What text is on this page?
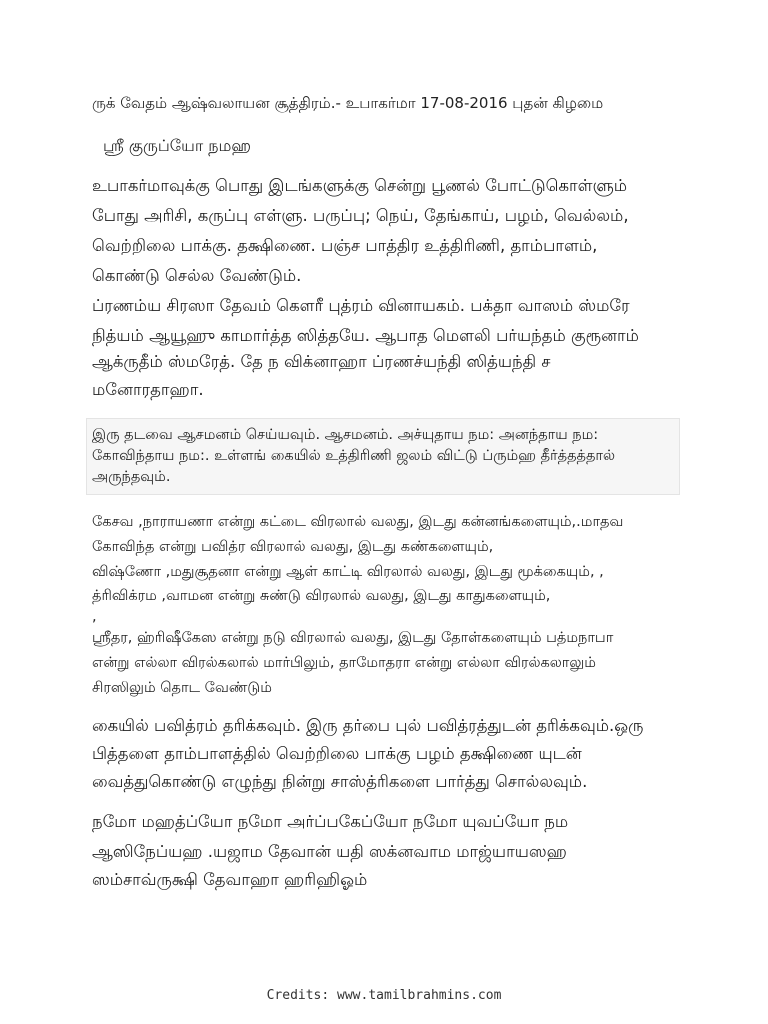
ருக் வேதம் ஆஷ்வலாயன சூத்திரம்.- உபாகர்மா 17-08-2016 புதன் கிழமை
ஸ்ரீ குருப்யோ நமஹ
உபாகர்மாவுக்கு பொது இடங்களுக்கு சென்று பூணல் போட்டுகொள்ளும்
போது அரிசி, கருப்பு எள்ளு. பருப்பு; நெய், தேங்காய், பழம், வெல்லம்,
வெற்றிலை பாக்கு. தக்ஷிணை. பஞ்ச பாத்திர உத்திரிணி, தாம்பாளம்,
கொண்டு செல்ல வேண்டும்.
ப்ரணம்ய சிரஸா தேவம் கெளரீ புத்ரம் வினாயகம். பக்தா வாஸம் ஸ்மரே
நித்யம் ஆயூஹு காமார்த்த ஸித்தயே. ஆபாத மெளலி பர்யந்தம் குரூனாம்
ஆக்ருதீம் ஸ்மரேத். தே ந விக்னாஹா ப்ரணச்யந்தி ஸித்யந்தி ச
மனோரதாஹா.
இரு தடவை ஆசமனம் செய்யவும். ஆசமனம். அச்யுதாய நம: அனந்தாய நம:
கோவிந்தாய நம:. உள்ளங் கையில் உத்திரிணி ஜலம் விட்டு ப்ரும்ஹ தீர்த்தத்தால்
அருந்தவும்.
கேசவ ,நாராயணா என்று கட்டை விரலால் வலது, இடது கன்னங்களையும்,.மாதவ
கோவிந்த என்று பவித்ர விரலால் வலது, இடது கண்களையும்,
விஷ்ணோ ,மதுசூதனா என்று ஆள் காட்டி விரலால் வலது, இடது மூக்கையும், ,
த்ரிவிக்ரம ,வாமன என்று சுண்டு விரலால் வலது, இடது காதுகளையும்,
,
ஸ்ரீதர, ஹ்ரிஷீகேஸ என்று நடு விரலால் வலது, இடது தோள்களையும் பத்மநாபா
என்று எல்லா விரல்கலால் மார்பிலும், தாமோதரா என்று எல்லா விரல்கலாலும்
சிரஸிலும் தொட வேண்டும்
கையில் பவித்ரம் தரிக்கவும். இரு தர்பை புல் பவித்ரத்துடன் தரிக்கவும்.ஒரு
பித்தளை தாம்பாளத்தில் வெற்றிலை பாக்கு பழம் தக்ஷிணை யுடன்
வைத்துகொண்டு எழுந்து நின்று சாஸ்த்ரிகளை பார்த்து சொல்லவும்.
நமோ மஹத்ப்யோ நமோ அர்ப்பகேப்யோ நமோ யுவப்யோ நம
ஆஸிநேப்யஹ .யஜாம தேவான் யதி ஸக்னவாம மாஜ்யாயஸஹ
ஸம்சாவ்ருக்ஷி தேவாஹா ஹரிஹிஓம்
Credits: www.tamilbrahmins.com
